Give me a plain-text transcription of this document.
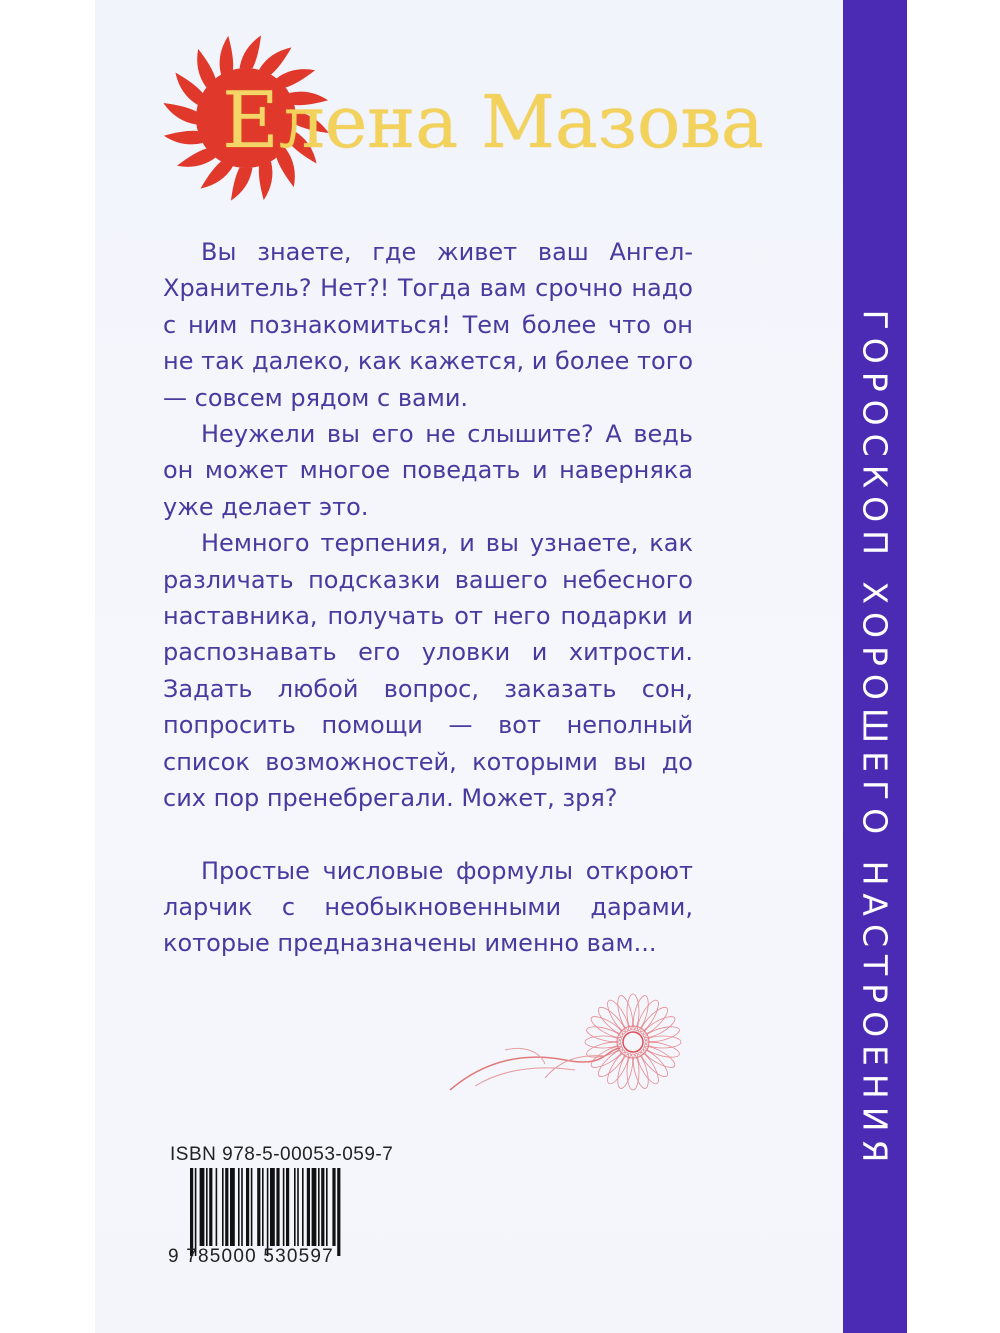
ГОРОСКОП ХОРОШЕГО НАСТРОЕНИЯ
Елена Мазова

Вы знаете, где живет ваш Ангел-Хранитель? Нет?! Тогда вам срочно надо с ним познакомиться! Тем более что он не так далеко, как кажется, и более того — совсем рядом с вами.

Неужели вы его не слышите? А ведь он может многое поведать и наверняка уже делает это.

Немного терпения, и вы узнаете, как различать подсказки вашего небесного наставника, получать от него подарки и распознавать его уловки и хитрости. Задать любой вопрос, заказать сон, попросить помощи — вот неполный список возможностей, которыми вы до сих пор пренебрегали. Может, зря?

Простые числовые формулы откроют ларчик с необыкновенными дарами, которые предназначены именно вам...

ISBN 978-5-00053-059-7
9 785000 530597
